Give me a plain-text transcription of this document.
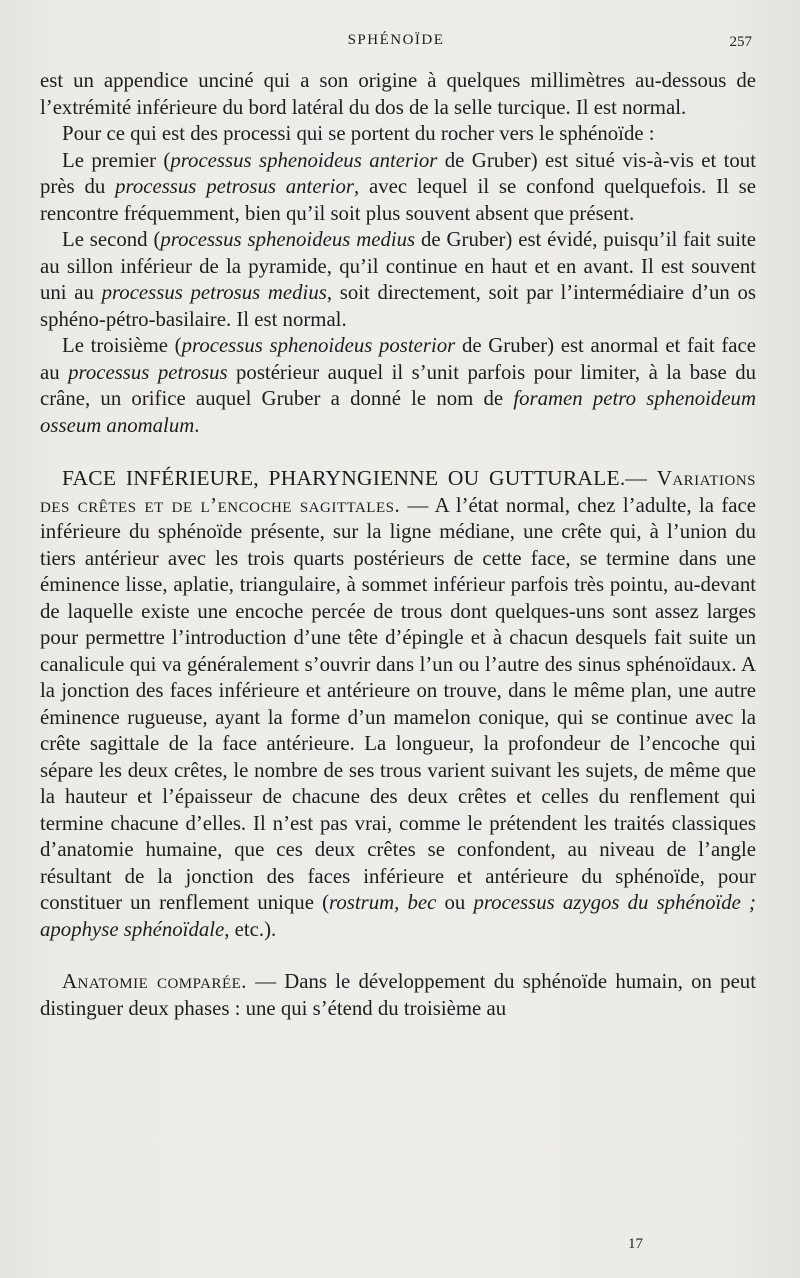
SPHÉNOÏDE	257

est un appendice unciné qui a son origine à quelques millimètres au-dessous de l’extrémité inférieure du bord latéral du dos de la selle turcique. Il est normal.

Pour ce qui est des processi qui se portent du rocher vers le sphénoïde :

Le premier (processus sphenoideus anterior de Gruber) est situé vis-à-vis et tout près du processus petrosus anterior, avec lequel il se confond quelquefois. Il se rencontre fréquemment, bien qu’il soit plus souvent absent que présent.

Le second (processus sphenoideus medius de Gruber) est évidé, puisqu’il fait suite au sillon inférieur de la pyramide, qu’il continue en haut et en avant. Il est souvent uni au processus petrosus medius, soit directement, soit par l’intermédiaire d’un os sphéno-pétro-basilaire. Il est normal.

Le troisième (processus sphenoideus posterior de Gruber) est anormal et fait face au processus petrosus postérieur auquel il s’unit parfois pour limiter, à la base du crâne, un orifice auquel Gruber a donné le nom de foramen petro sphenoideum osseum anomalum.

FACE INFÉRIEURE, PHARYNGIENNE OU GUTTURALE.— Variations des crêtes et de l’encoche sagittales. — A l’état normal, chez l’adulte, la face inférieure du sphénoïde présente, sur la ligne médiane, une crête qui, à l’union du tiers antérieur avec les trois quarts postérieurs de cette face, se termine dans une éminence lisse, aplatie, triangulaire, à sommet inférieur parfois très pointu, au-devant de laquelle existe une encoche percée de trous dont quelques-uns sont assez larges pour permettre l’introduction d’une tête d’épingle et à chacun desquels fait suite un canalicule qui va généralement s’ouvrir dans l’un ou l’autre des sinus sphénoïdaux. A la jonction des faces inférieure et antérieure on trouve, dans le même plan, une autre éminence rugueuse, ayant la forme d’un mamelon conique, qui se continue avec la crête sagittale de la face antérieure. La longueur, la profondeur de l’encoche qui sépare les deux crêtes, le nombre de ses trous varient suivant les sujets, de même que la hauteur et l’épaisseur de chacune des deux crêtes et celles du renflement qui termine chacune d’elles. Il n’est pas vrai, comme le prétendent les traités classiques d’anatomie humaine, que ces deux crêtes se confondent, au niveau de l’angle résultant de la jonction des faces inférieure et antérieure du sphénoïde, pour constituer un renflement unique (rostrum, bec ou processus azygos du sphénoïde ; apophyse sphénoïdale, etc.).

Anatomie comparée. — Dans le développement du sphénoïde humain, on peut distinguer deux phases : une qui s’étend du troisième au

17
